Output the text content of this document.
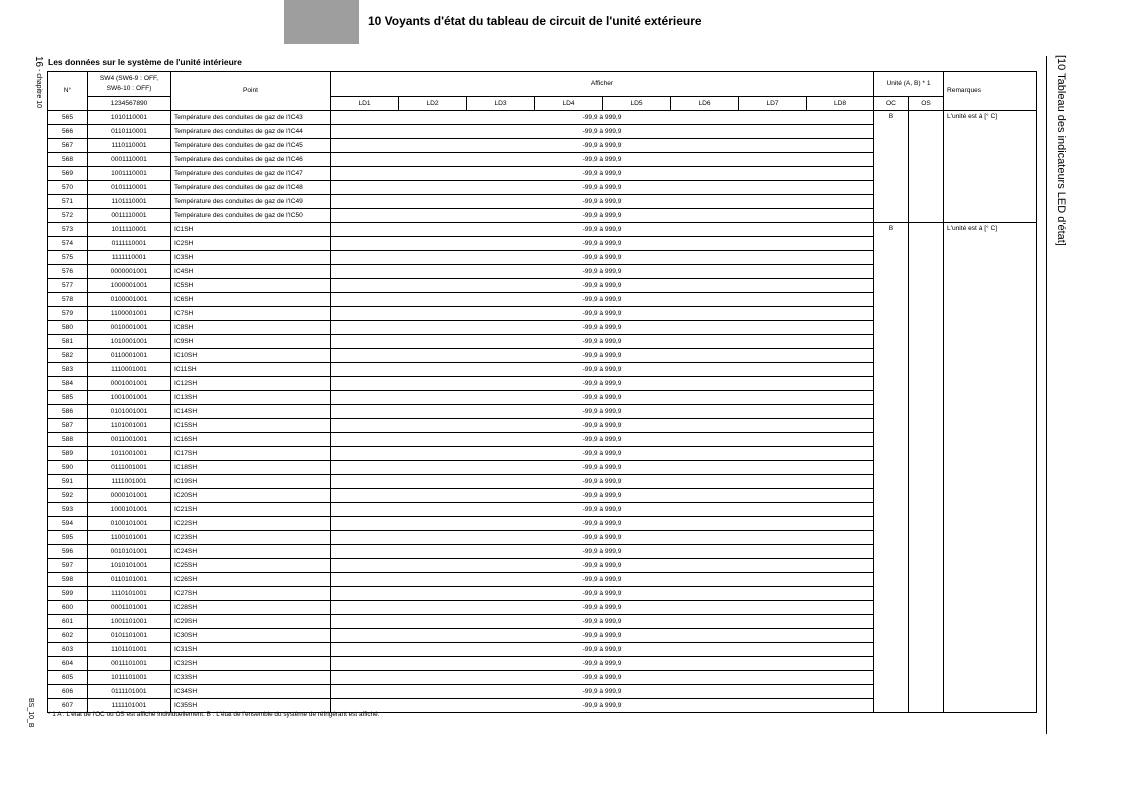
10 Voyants d'état du tableau de circuit de l'unité extérieure
16 - chapitre 10
BS_10_B
[10 Tableau des indicateurs LED d'état]
Les données sur le système de l'unité intérieure
N°	SW4 (SW6-9 : OFF, SW6-10 : OFF)	Point	Afficher								Unité (A, B) * 1		Remarques
	1234567890		LD1	LD2	LD3	LD4	LD5	LD6	LD7	LD8	OC	OS	
565	1010110001	Température des conduites de gaz de l'IC43	-99,9 à 999,9								B		L'unité est à [° C]
566	0110110001	Température des conduites de gaz de l'IC44	-99,9 à 999,9										
567	1110110001	Température des conduites de gaz de l'IC45	-99,9 à 999,9										
568	0001110001	Température des conduites de gaz de l'IC46	-99,9 à 999,9										
569	1001110001	Température des conduites de gaz de l'IC47	-99,9 à 999,9										
570	0101110001	Température des conduites de gaz de l'IC48	-99,9 à 999,9										
571	1101110001	Température des conduites de gaz de l'IC49	-99,9 à 999,9										
572	0011110001	Température des conduites de gaz de l'IC50	-99,9 à 999,9										
573	1011110001	IC1SH	-99,9 à 999,9								B		L'unité est à [° C]
574	0111110001	IC2SH	-99,9 à 999,9										
575	1111110001	IC3SH	-99,9 à 999,9										
576	0000001001	IC4SH	-99,9 à 999,9										
577	1000001001	IC5SH	-99,9 à 999,9										
578	0100001001	IC6SH	-99,9 à 999,9										
579	1100001001	IC7SH	-99,9 à 999,9										
580	0010001001	IC8SH	-99,9 à 999,9										
581	1010001001	IC9SH	-99,9 à 999,9										
582	0110001001	IC10SH	-99,9 à 999,9										
583	1110001001	IC11SH	-99,9 à 999,9										
584	0001001001	IC12SH	-99,9 à 999,9										
585	1001001001	IC13SH	-99,9 à 999,9										
586	0101001001	IC14SH	-99,9 à 999,9										
587	1101001001	IC15SH	-99,9 à 999,9										
588	0011001001	IC16SH	-99,9 à 999,9										
589	1011001001	IC17SH	-99,9 à 999,9										
590	0111001001	IC18SH	-99,9 à 999,9										
591	1111001001	IC19SH	-99,9 à 999,9										
592	0000101001	IC20SH	-99,9 à 999,9										
593	1000101001	IC21SH	-99,9 à 999,9										
594	0100101001	IC22SH	-99,9 à 999,9										
595	1100101001	IC23SH	-99,9 à 999,9										
596	0010101001	IC24SH	-99,9 à 999,9										
597	1010101001	IC25SH	-99,9 à 999,9										
598	0110101001	IC26SH	-99,9 à 999,9										
599	1110101001	IC27SH	-99,9 à 999,9										
600	0001101001	IC28SH	-99,9 à 999,9										
601	1001101001	IC29SH	-99,9 à 999,9										
602	0101101001	IC30SH	-99,9 à 999,9										
603	1101101001	IC31SH	-99,9 à 999,9										
604	0011101001	IC32SH	-99,9 à 999,9										
605	1011101001	IC33SH	-99,9 à 999,9										
606	0111101001	IC34SH	-99,9 à 999,9										
607	1111101001	IC35SH	-99,9 à 999,9										
* 1 A : L'état de l'OC ou OS est affiché individuellement. B : L'état de l'ensemble du système de réfrigérant est affiché.
